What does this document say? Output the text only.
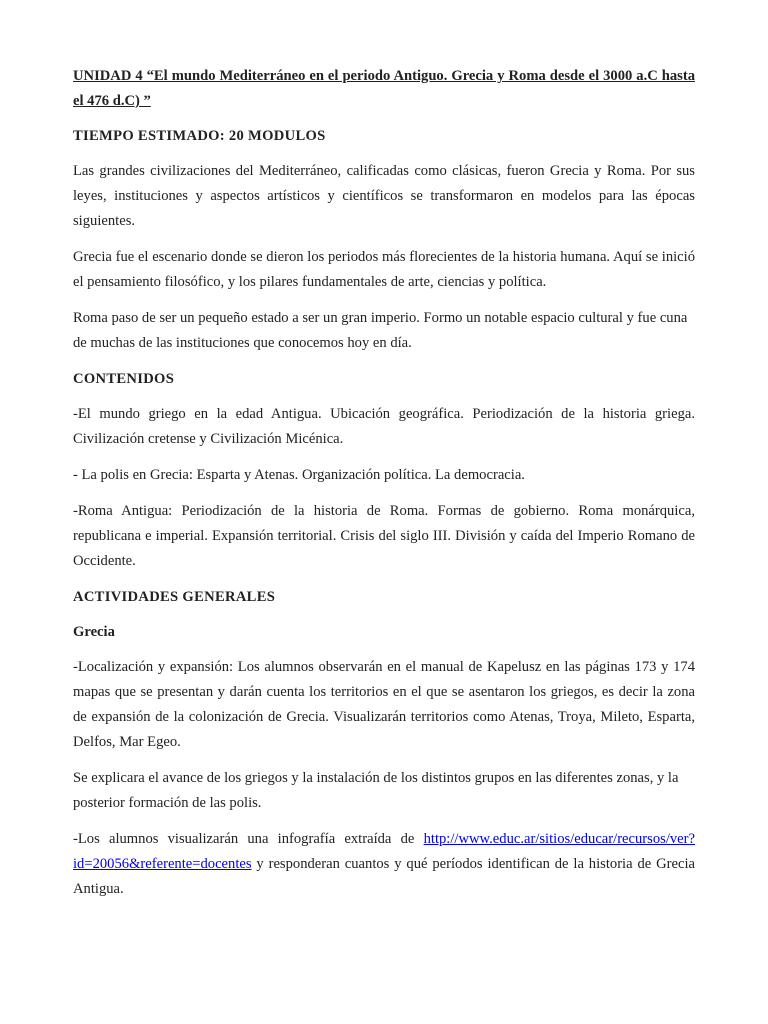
UNIDAD 4 “El mundo Mediterráneo en el periodo Antiguo. Grecia y Roma desde el 3000 a.C hasta el 476 d.C) ”

TIEMPO ESTIMADO: 20 MODULOS

Las grandes civilizaciones del Mediterráneo, calificadas como clásicas, fueron Grecia y Roma. Por sus leyes, instituciones y aspectos artísticos y científicos se transformaron en modelos para las épocas siguientes.

Grecia fue el escenario donde se dieron los periodos más florecientes de la historia humana. Aquí se inició el pensamiento filosófico, y los pilares fundamentales de arte, ciencias y política.

Roma paso de ser un pequeño estado a ser un gran imperio. Formo un notable espacio cultural y fue cuna de muchas de las instituciones que conocemos hoy en día.

CONTENIDOS

-El mundo griego en la edad Antigua. Ubicación geográfica. Periodización de la historia griega. Civilización cretense y Civilización Micénica.

- La polis en Grecia: Esparta y Atenas. Organización política. La democracia.

-Roma Antigua: Periodización de la historia de Roma. Formas de gobierno. Roma monárquica, republicana e imperial. Expansión territorial. Crisis del siglo III. División y caída del Imperio Romano de Occidente.

ACTIVIDADES GENERALES

Grecia

-Localización y expansión: Los alumnos observarán en el manual de Kapelusz en las páginas 173 y 174 mapas que se presentan y darán cuenta los territorios en el que se asentaron los griegos, es decir la zona de expansión de la colonización de Grecia. Visualizarán territorios como Atenas, Troya, Mileto, Esparta, Delfos, Mar Egeo.

Se explicara el avance de los griegos y la instalación de los distintos grupos en las diferentes zonas, y la posterior formación de las polis.

-Los alumnos visualizarán una infografía extraída de http://www.educ.ar/sitios/educar/recursos/ver?id=20056&referente=docentes y responderan cuantos y qué períodos identifican de la historia de Grecia Antigua.
